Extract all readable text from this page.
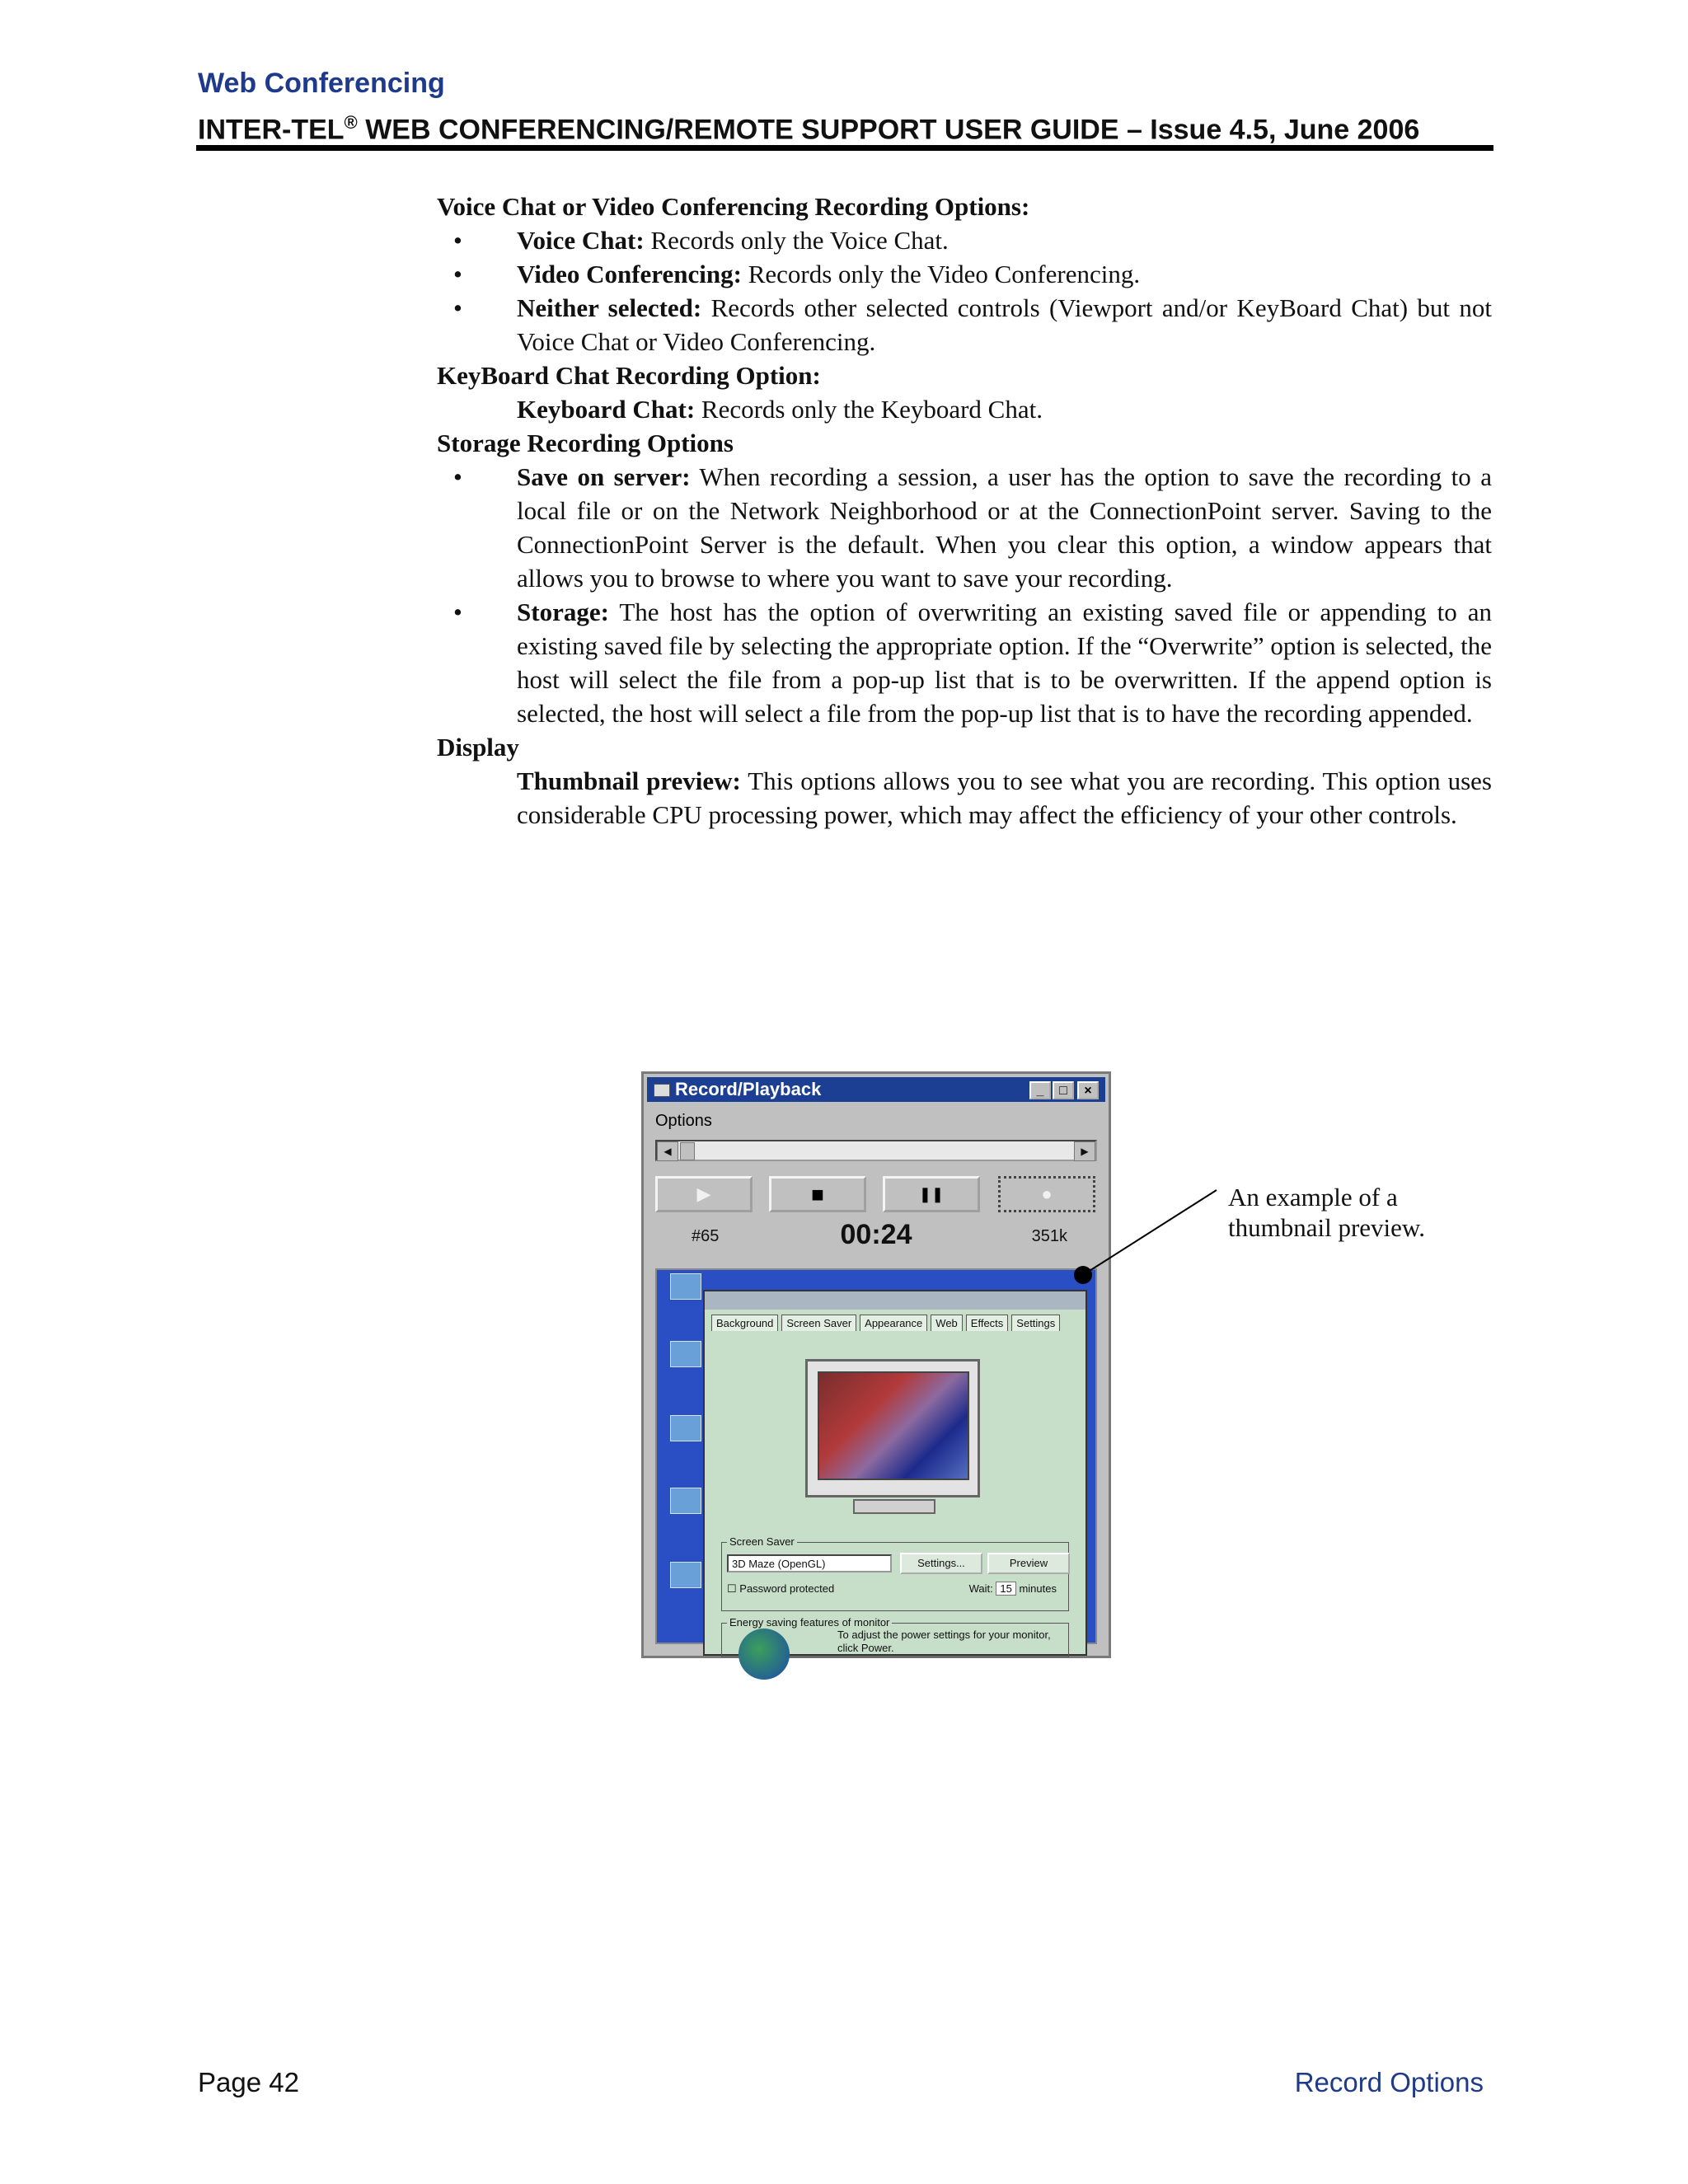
Web Conferencing
INTER-TEL® WEB CONFERENCING/REMOTE SUPPORT USER GUIDE – Issue 4.5, June 2006

Voice Chat or Video Conferencing Recording Options:

• Voice Chat: Records only the Voice Chat.

• Video Conferencing: Records only the Video Conferencing.

• Neither selected: Records other selected controls (Viewport and/or KeyBoard Chat) but not Voice Chat or Video Conferencing.

KeyBoard Chat Recording Option:

Keyboard Chat: Records only the Keyboard Chat.

Storage Recording Options

• Save on server: When recording a session, a user has the option to save the recording to a local file or on the Network Neighborhood or at the ConnectionPoint server. Saving to the ConnectionPoint Server is the default. When you clear this option, a window appears that allows you to browse to where you want to save your recording.

• Storage: The host has the option of overwriting an existing saved file or appending to an existing saved file by selecting the appropriate option. If the “Overwrite” option is selected, the host will select the file from a pop-up list that is to be overwritten. If the append option is selected, the host will select a file from the pop-up list that is to have the recording appended.

Display

Thumbnail preview: This options allows you to see what you are recording. This option uses considerable CPU processing power, which may affect the efficiency of your other controls.

Record/Playback	_	□	×
Options
◀	▶
▶	■	❚❚	●
#65	00:24	351k
Background	Screen Saver	Appearance	Web	Effects	Settings
Screen Saver
3D Maze (OpenGL)	Settings...	Preview
☐ Password protected	Wait: 15 minutes
Energy saving features of monitor
To adjust the power settings for your monitor, click Power.
An example of a thumbnail preview.
Page 42	Record Options
